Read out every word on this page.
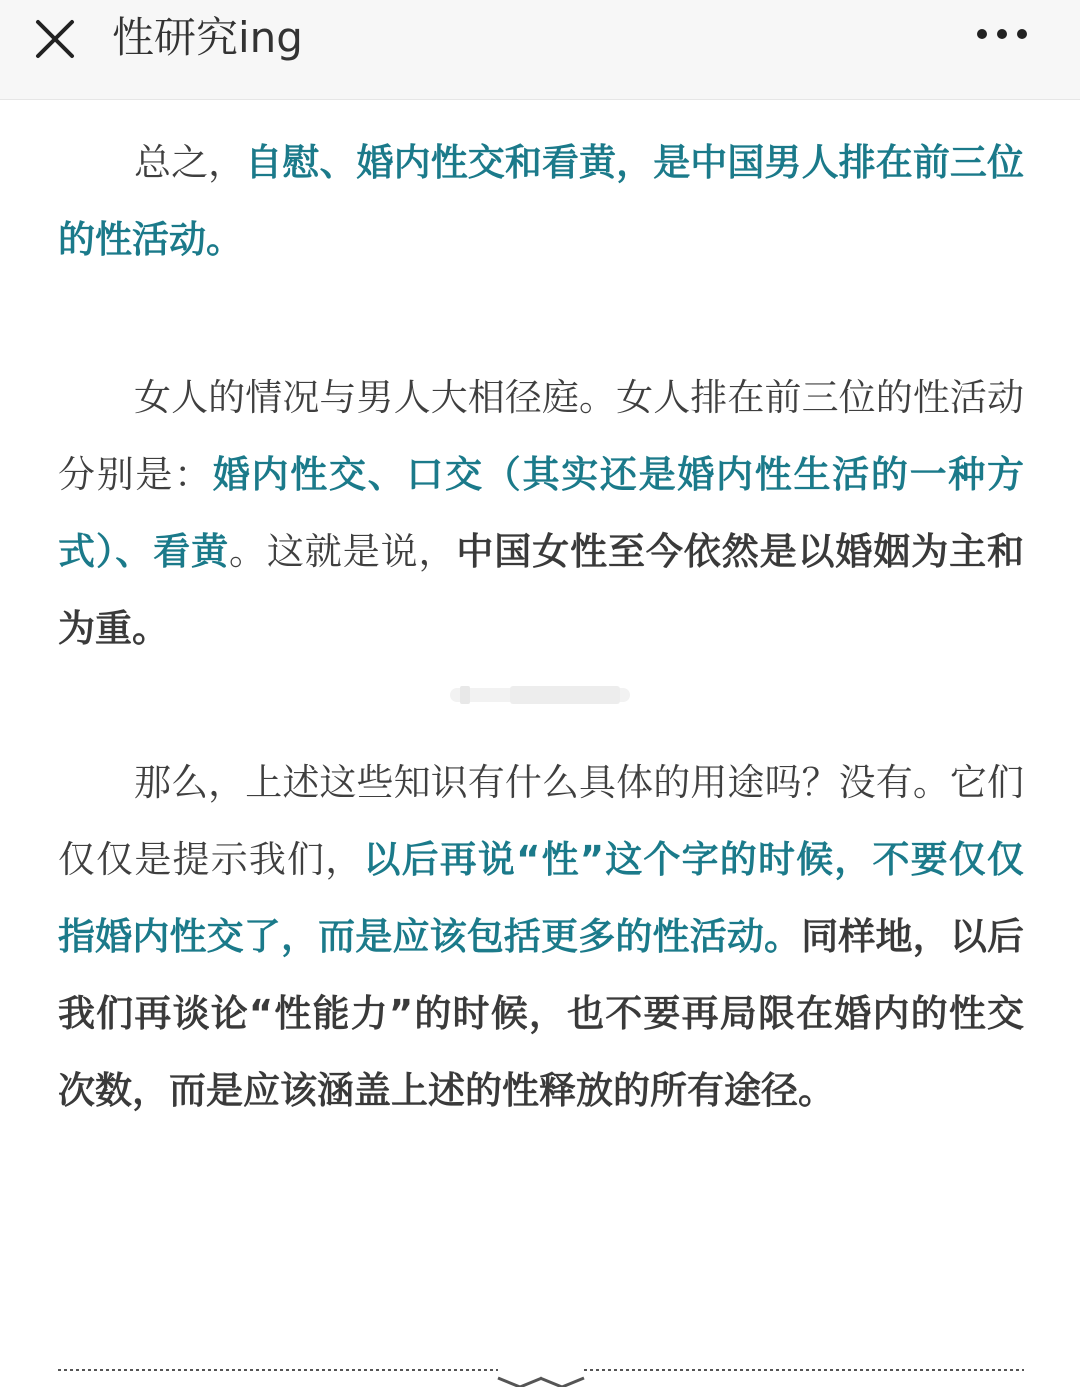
性研究ing

总之，自慰、婚内性交和看黄，是中国男人排在前三位的性活动。

女人的情况与男人大相径庭。女人排在前三位的性活动分别是：婚内性交、口交（其实还是婚内性生活的一种方式）、看黄。这就是说，中国女性至今依然是以婚姻为主和为重。

那么，上述这些知识有什么具体的用途吗？没有。它们仅仅是提示我们，以后再说“性”这个字的时候，不要仅仅指婚内性交了，而是应该包括更多的性活动。同样地，以后我们再谈论“性能力”的时候，也不要再局限在婚内的性交次数，而是应该涵盖上述的性释放的所有途径。
